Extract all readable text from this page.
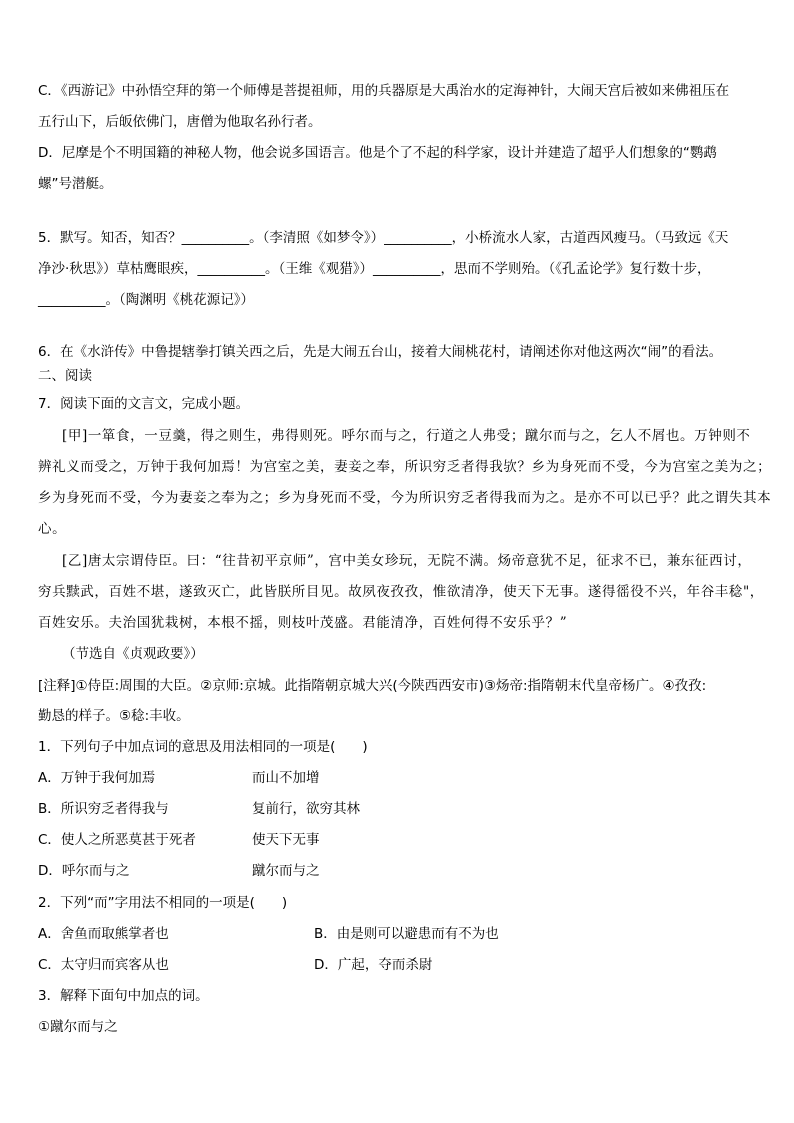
C．《西游记》中孙悟空拜的第一个师傅是菩提祖师，用的兵器原是大禹治水的定海神针，大闹天宫后被如来佛祖压在
五行山下，后皈依佛门，唐僧为他取名孙行者。
D．尼摩是个不明国籍的神秘人物，他会说多国语言。他是个了不起的科学家，设计并建造了超乎人们想象的“鹦鹉
螺”号潜艇。
5．默写。知否，知否？__________。（李清照《如梦令》）__________，小桥流水人家，古道西风瘦马。（马致远《天
净沙·秋思》）草枯鹰眼疾，__________。（王维《观猎》）__________，思而不学则殆。（《孔孟论学》复行数十步，
__________。（陶渊明《桃花源记》）
6．在《水浒传》中鲁提辖拳打镇关西之后，先是大闹五台山，接着大闹桃花村，请阐述你对他这两次“闹”的看法。
二、阅读
7．阅读下面的文言文，完成小题。
[甲]一箪食，一豆羹，得之则生，弗得则死。呼尔而与之，行道之人弗受；蹴尔而与之，乞人不屑也。万钟则不
辨礼义而受之，万钟于我何加焉！为宫室之美，妻妾之奉，所识穷乏者得我欤？乡为身死而不受，今为宫室之美为之；
乡为身死而不受，今为妻妾之奉为之；乡为身死而不受，今为所识穷乏者得我而为之。是亦不可以已乎？此之谓失其本
心。
[乙]唐太宗谓侍臣。曰：“往昔初平京师”，宫中美女珍玩，无院不满。炀帝意犹不足，征求不已，兼东征西讨，
穷兵黩武，百姓不堪，遂致灭亡，此皆朕所目见。故夙夜孜孜，惟欲清净，使天下无事。遂得徭役不兴，年谷丰稔"，
百姓安乐。夫治国犹栽树，本根不摇，则枝叶茂盛。君能清净，百姓何得不安乐乎？”
（节选自《贞观政要》）
[注释]①侍臣:周围的大臣。②京师:京城。此指隋朝京城大兴(今陕西西安市)③炀帝:指隋朝末代皇帝杨广。④孜孜:
勤恳的样子。⑤稔:丰收。
1．下列句子中加点词的意思及用法相同的一项是(　　)
A．万钟于我何加焉	而山不加增
B．所识穷乏者得我与	复前行，欲穷其林
C．使人之所恶莫甚于死者	使天下无事
D．呼尔而与之	蹴尔而与之
2．下列“而”字用法不相同的一项是(　　)
A．舍鱼而取熊掌者也	B．由是则可以避患而有不为也
C．太守归而宾客从也	D．广起，夺而杀尉
3．解释下面句中加点的词。
①蹴尔而与之
